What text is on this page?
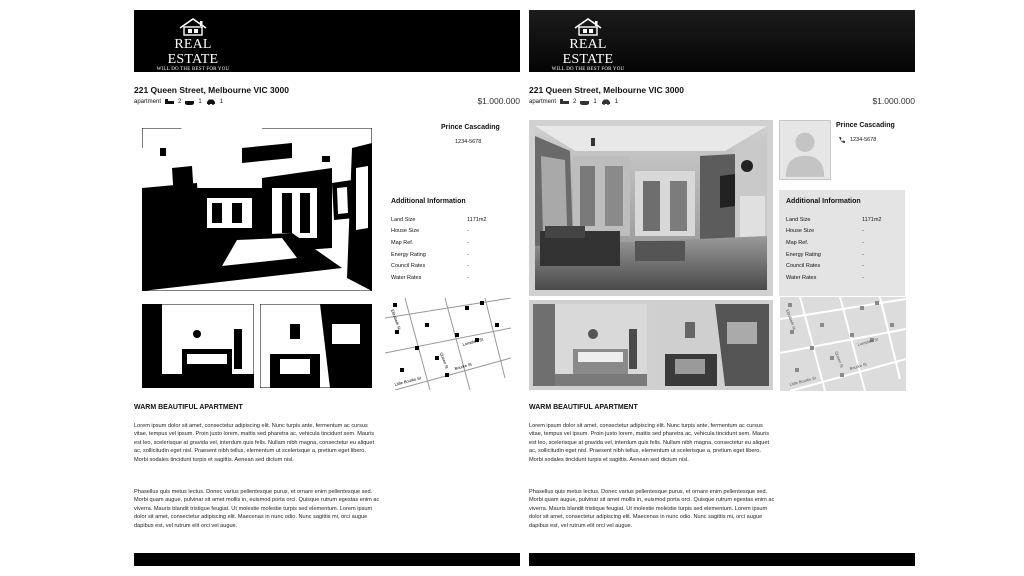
REAL ESTATE
WILL DO THE BEST FOR YOU
221 Queen Street, Melbourne VIC 3000
apartment	2	1	1	$1.000.000
Prince Cascading
1234-5678
Additional Information
Land Size	1171m2
House Size	-
Map Ref.	-
Energy Rating	-
Council Rates	-
Water Rates	-
Queen St Bourke St
Little Bourke St
Elizabeth St
Lonsdale St
WARM BEAUTIFUL APARTMENT
Lorem ipsum dolor sit amet, consectetur adipiscing elit. Nunc turpis ante, fermentum ac cursus vitae, tempus vel ipsum. Proin justo lorem, mattis sed pharetra ac, vehicula tincidunt sem. Mauris est leo, scelerisque at gravida vel, interdum quis felis. Nullam nibh magna, consectetur eu aliquet ac, sollicitudin eget nisl. Praesent nibh tellus, elementum ut scelerisque a, pretium eget libero. Morbi sodales tincidunt turpis et sagittis. Aenean sed dictum nisl.
Phasellus quis metus lectus. Donec varius pellentesque purus, et ornare enim pellentesque sed. Morbi quam augue, pulvinar sit amet mollis in, euismod porta orci. Quisque rutrum egestas enim ac viverra. Mauris blandit tristique feugiat. Ut molestie molestie turpis sed elementum. Lorem ipsum dolor sit amet, consectetur adipiscing elit. Maecenas in nunc odio. Nunc sagittis mi, orci augue dapibus est, vel rutrum elit orci vel augue.
REAL ESTATE
WILL DO THE BEST FOR YOU
221 Queen Street, Melbourne VIC 3000
apartment	2	1	1	$1.000.000
Prince Cascading
1234-5678
Additional Information
Land Size	1171m2
House Size	-
Map Ref.	-
Energy Rating	-
Council Rates	-
Water Rates	-
Queen St Bourke St
Little Bourke St
Elizabeth St
Lonsdale St
WARM BEAUTIFUL APARTMENT
Lorem ipsum dolor sit amet, consectetur adipiscing elit. Nunc turpis ante, fermentum ac cursus vitae, tempus vel ipsum. Proin justo lorem, mattis sed pharetra ac, vehicula tincidunt sem. Mauris est leo, scelerisque at gravida vel, interdum quis felis. Nullam nibh magna, consectetur eu aliquet ac, sollicitudin eget nisl. Praesent nibh tellus, elementum ut scelerisque a, pretium eget libero. Morbi sodales tincidunt turpis et sagittis. Aenean sed dictum nisl.
Phasellus quis metus lectus. Donec varius pellentesque purus, et ornare enim pellentesque sed. Morbi quam augue, pulvinar sit amet mollis in, euismod porta orci. Quisque rutrum egestas enim ac viverra. Mauris blandit tristique feugiat. Ut molestie molestie turpis sed elementum. Lorem ipsum dolor sit amet, consectetur adipiscing elit. Maecenas in nunc odio. Nunc sagittis mi, orci augue dapibus est, vel rutrum elit orci vel augue.
